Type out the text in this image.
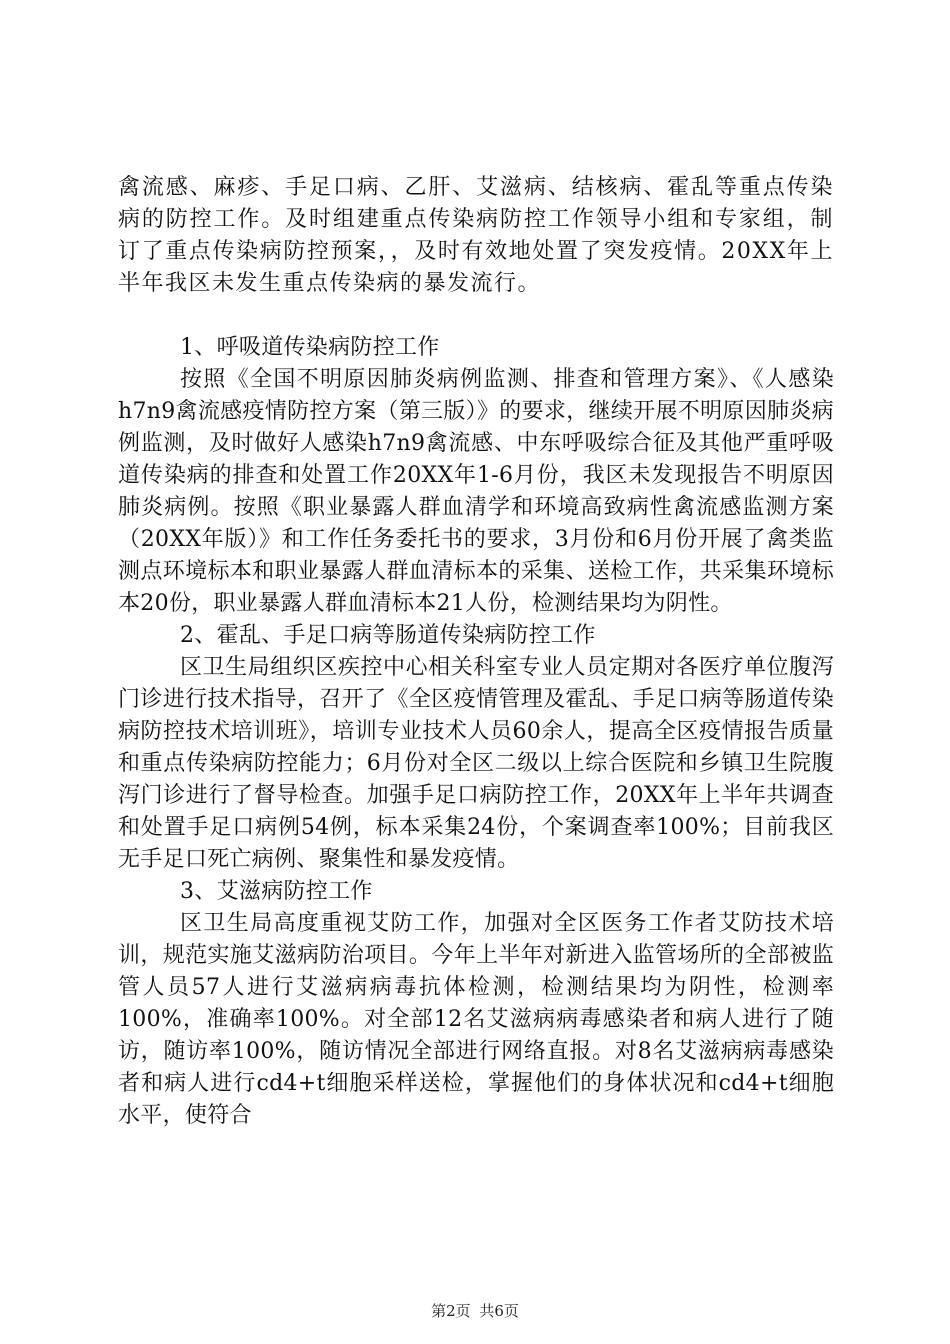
禽流感、麻疹、手足口病、乙肝、艾滋病、结核病、霍乱等重点传染病的防控工作。及时组建重点传染病防控工作领导小组和专家组，制订了重点传染病防控预案，，及时有效地处置了突发疫情。20XX年上半年我区未发生重点传染病的暴发流行。

1、呼吸道传染病防控工作

按照《全国不明原因肺炎病例监测、排查和管理方案》、《人感染h7n9禽流感疫情防控方案（第三版）》的要求，继续开展不明原因肺炎病例监测，及时做好人感染h7n9禽流感、中东呼吸综合征及其他严重呼吸道传染病的排查和处置工作20XX年1-6月份，我区未发现报告不明原因肺炎病例。按照《职业暴露人群血清学和环境高致病性禽流感监测方案（20XX年版）》和工作任务委托书的要求，3月份和6月份开展了禽类监测点环境标本和职业暴露人群血清标本的采集、送检工作，共采集环境标本20份，职业暴露人群血清标本21人份，检测结果均为阴性。

2、霍乱、手足口病等肠道传染病防控工作

区卫生局组织区疾控中心相关科室专业人员定期对各医疗单位腹泻门诊进行技术指导，召开了《全区疫情管理及霍乱、手足口病等肠道传染病防控技术培训班》，培训专业技术人员60余人，提高全区疫情报告质量和重点传染病防控能力；6月份对全区二级以上综合医院和乡镇卫生院腹泻门诊进行了督导检查。加强手足口病防控工作，20XX年上半年共调查和处置手足口病例54例，标本采集24份，个案调查率100%；目前我区无手足口死亡病例、聚集性和暴发疫情。

3、艾滋病防控工作

区卫生局高度重视艾防工作，加强对全区医务工作者艾防技术培训，规范实施艾滋病防治项目。今年上半年对新进入监管场所的全部被监管人员57人进行艾滋病病毒抗体检测，检测结果均为阴性，检测率100%，准确率100%。对全部12名艾滋病病毒感染者和病人进行了随访，随访率100%，随访情况全部进行网络直报。对8名艾滋病病毒感染者和病人进行cd4+t细胞采样送检，掌握他们的身体状况和cd4+t细胞水平，使符合

第2页 共6页
